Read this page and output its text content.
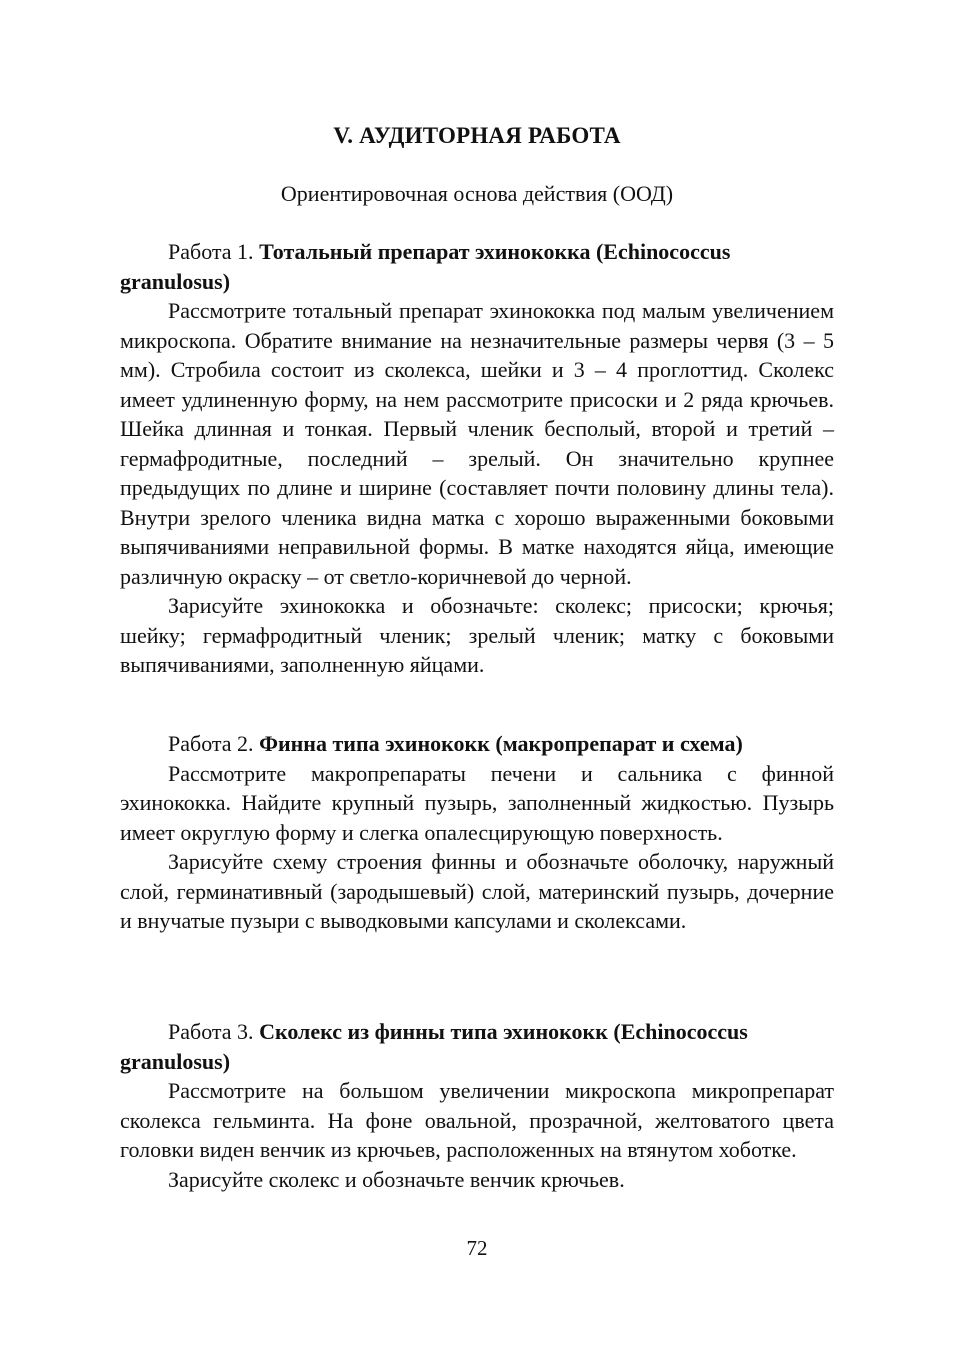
V. АУДИТОРНАЯ РАБОТА
Ориентировочная основа действия (ООД)

Работа 1. Тотальный препарат эхинококка (Echinococcus granulosus)

Рассмотрите тотальный препарат эхинококка под малым увеличением микроскопа. Обратите внимание на незначительные размеры червя (3 – 5 мм). Стробила состоит из сколекса, шейки и 3 – 4 проглоттид. Сколекс имеет удлиненную форму, на нем рассмотрите присоски и 2 ряда крючьев. Шейка длинная и тонкая. Первый членик бесполый, второй и третий – гермафродитные, последний – зрелый. Он значительно крупнее предыдущих по длине и ширине (составляет почти половину длины тела). Внутри зрелого членика видна матка с хорошо выраженными боковыми выпячиваниями неправильной формы. В матке находятся яйца, имеющие различную окраску – от светло-коричневой до черной.

Зарисуйте эхинококка и обозначьте: сколекс; присоски; крючья; шейку; гермафродитный членик; зрелый членик; матку с боковыми выпячиваниями, заполненную яйцами.

Работа 2. Финна типа эхинококк (макропрепарат и схема)

Рассмотрите макропрепараты печени и сальника с финной эхинококка. Найдите крупный пузырь, заполненный жидкостью. Пузырь имеет округлую форму и слегка опалесцирующую поверхность.

Зарисуйте схему строения финны и обозначьте оболочку, наружный слой, герминативный (зародышевый) слой, материнский пузырь, дочерние и внучатые пузыри с выводковыми капсулами и сколексами.

Работа 3. Сколекс из финны типа эхинококк (Echinococcus granulosus)

Рассмотрите на большом увеличении микроскопа микропрепарат сколекса гельминта. На фоне овальной, прозрачной, желтоватого цвета головки виден венчик из крючьев, расположенных на втянутом хоботке.

Зарисуйте сколекс и обозначьте венчик крючьев.

72
